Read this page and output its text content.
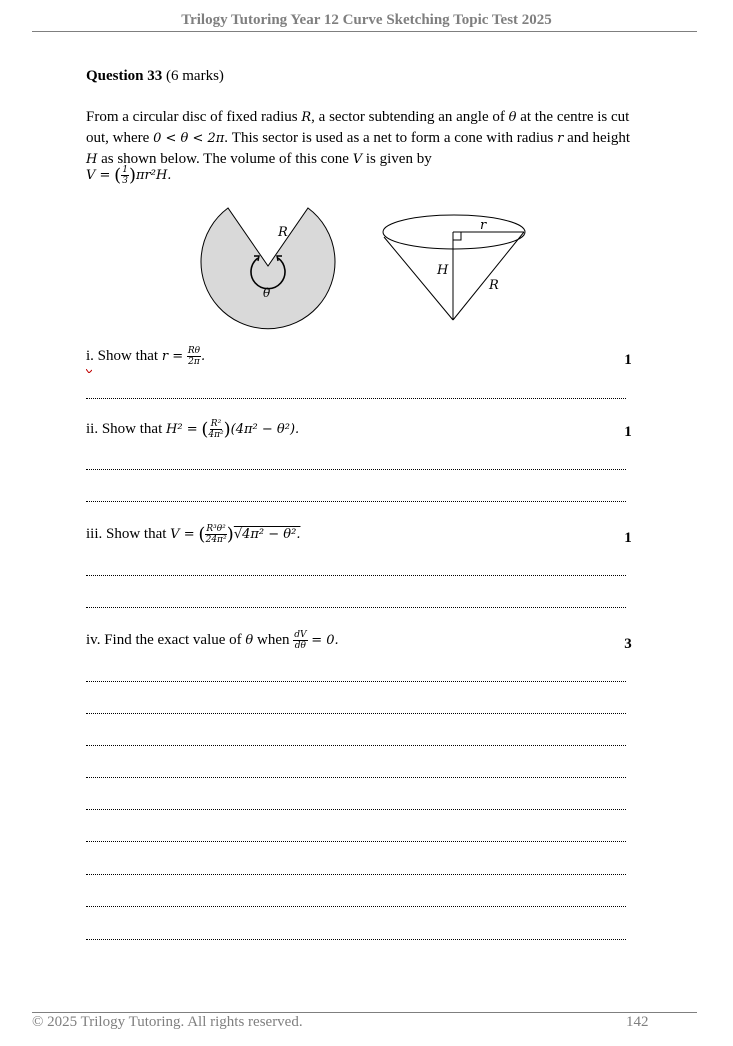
Trilogy Tutoring Year 12 Curve Sketching Topic Test 2025
Question 33 (6 marks)
From a circular disc of fixed radius R, a sector subtending an angle of θ at the centre is cut
out, where 0 < θ < 2π. This sector is used as a net to form a cone with radius r and height
H as shown below. The volume of this cone V is given by
V = ( $\frac{1}{3} )\pi r^2H$.
R
θ
r
H
R
i. Show that $r = \frac{R\theta}{2\pi}$ .	1
ii. Show that H² = ( $\frac{\text{R²}}{\text{4π²}} )(4\pi^2 - \theta^2)$.	1
iii. Show that V = ( $\frac{\text{R³θ²}}{\text{24π²}} )√4\pi^2 - \theta^2$.	1
iv. Find the exact value of θ when $\frac{dV}{d\theta} = 0$.	3
© 2025 Trilogy Tutoring. All rights reserved.	142
